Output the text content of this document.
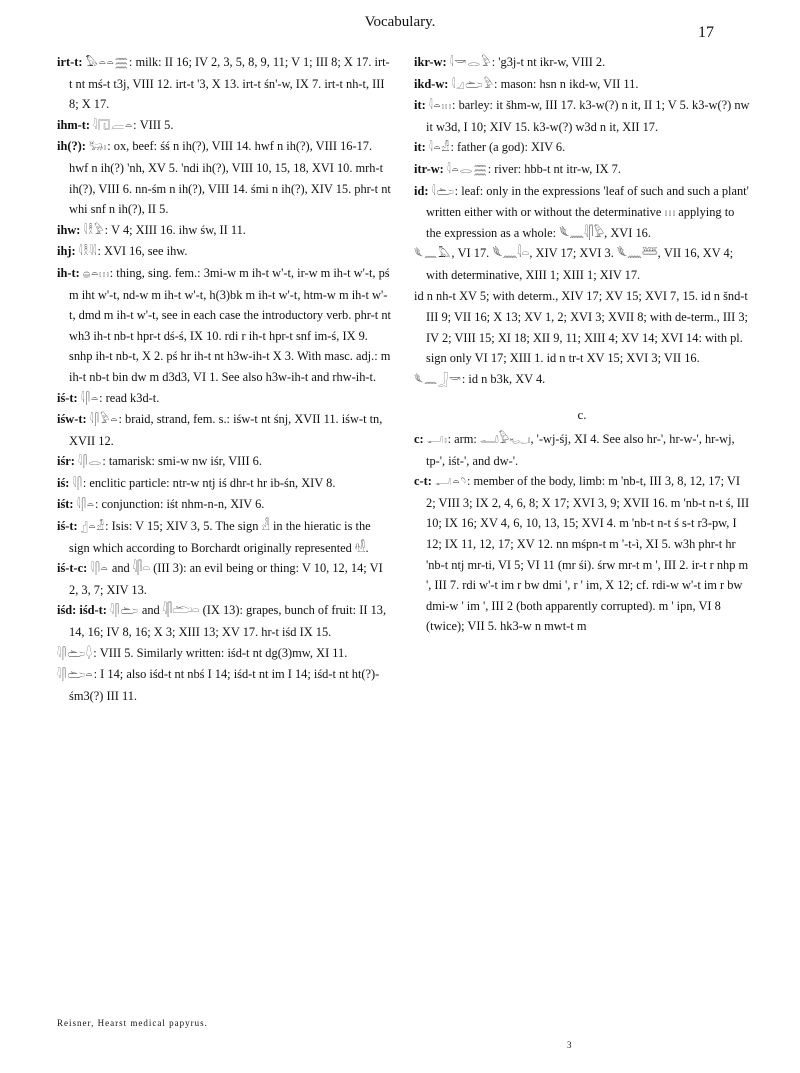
Vocabulary.
17

irt-t: 𓅃𓏏𓏏𓈗: milk: II 16; IV 2, 3, 5, 8, 9, 11; V 1; III 8; X 17. irt-t nt mś-t t3j, VIII 12. irt-t '3, X 13. irt-t śn'-w, IX 7. irt-t nh-t, III 8; X 17.

ihm-t: 𓇋𓉔𓐝𓏏: VIII 5.

ih(?): 𓃒𓏤: ox, beef: śś n ih(?), VIII 14. hwf n ih(?), VIII 16-17. hwf n ih(?) 'nh, XV 5. 'ndi ih(?), VIII 10, 15, 18, XVI 10. mrh-t ih(?), VIII 6. nn-śm n ih(?), VIII 14. śmi n ih(?), XIV 15. phr-t nt whi snf n ih(?), II 5.

ihw: 𓇋𓎛𓅱: V 4; XIII 16. ihw św, II 11.

ihj: 𓇋𓎛𓇌: XVI 16, see ihw.

ih-t: 𓐍𓏏𓏥: thing, sing. fem.: 3mi-w m ih-t w'-t, ir-w m ih-t w'-t, pś m iht w'-t, nd-w m ih-t w'-t, h(3)bk m ih-t w'-t, htm-w m ih-t w'-t, dmd m ih-t w'-t, see in each case the introductory verb. phr-t nt wh3 ih-t nb-t hpr-t dś-ś, IX 10. rdi r ih-t hpr-t snf im-ś, IX 9. snhp ih-t nb-t, X 2. pś hr ih-t nt h3w-ih-t X 3. With masc. adj.: m ih-t nb-t bin dw m d3d3, VI 1. See also h3w-ih-t and rhw-ih-t.

iś-t: 𓇋𓋴𓏏: read k3d-t.

iśw-t: 𓇋𓋴𓅱𓏏: braid, strand, fem. s.: iśw-t nt śnj, XVII 11. iśw-t tn, XVII 12.

iśr: 𓇋𓋴𓂋: tamarisk: smi-w nw iśr, VIII 6.

iś: 𓇋𓋴: enclitic particle: ntr-w ntj iś dhr-t hr ib-śn, XIV 8.

iśt: 𓇋𓋴𓏏: conjunction: iśt nhm-n-n, XIV 6.

iś-t: 𓊨𓏏𓁐: Isis: V 15; XIV 3, 5. The sign 𓁐 in the hieratic is the sign which according to Borchardt originally represented 𓁗.

iś-t-c: 𓇋𓋴𓏏 and 𓇋𓋴𓏏 (III 3): an evil being or thing: V 10, 12, 14; VI 2, 3, 7; XIV 13.

iśd: iśd-t: 𓇋𓋴𓂧 and 𓇋𓋴𓂧𓏏 (IX 13): grapes, bunch of fruit: II 13, 14, 16; IV 8, 16; X 3; XIII 13; XV 17. hr-t iśd IX 15.

𓇋𓋴𓂧𓆭: VIII 5. Similarly written: iśd-t nt dg(3)mw, XI 11.

𓇋𓋴𓂧𓏏: I 14; also iśd-t nt nbś I 14; iśd-t nt im I 14; iśd-t nt ht(?)-śm3(?) III 11.

ikr-w: 𓇋𓎡𓂋𓅱: 'g3j-t nt ikr-w, VIII 2.

ikd-w: 𓇋𓈎𓂧𓅱: mason: hsn n ikd-w, VII 11.

it: 𓇋𓏏𓏥: barley: it šhm-w, III 17. k3-w(?) n it, II 1; V 5. k3-w(?) nw it w3d, I 10; XIV 15. k3-w(?) w3d n it, XII 17.

it: 𓇋𓏏𓀭: father (a god): XIV 6.

itr-w: 𓇋𓏏𓂋𓈗: river: hbb-t nt itr-w, IX 7.

id: 𓇋𓂧: leaf: only in the expressions 'leaf of such and such a plant' written either with or without the determinative 𓏥 applying to the expression as a whole: 𓆰𓈖𓇋𓋴𓅱, XVI 16.

𓆰𓈖𓅓, VI 17. 𓆰𓈖𓇋𓏏, XIV 17; XVI 3. 𓆰𓈖𓆷, VII 16, XV 4; with determinative, XIII 1; XIII 1; XIV 17.

id n nh-t XV 5; with determ., XIV 17; XV 15; XVI 7, 15. id n šnd-t III 9; VII 16; X 13; XV 1, 2; XVI 3; XVII 8; with de-term., III 3; IV 2; VIII 15; XI 18; XII 9, 11; XIII 4; XV 14; XVI 14: with pl. sign only VI 17; XIII 1. id n tr-t XV 15; XVI 3; VII 16.

𓆰𓈖𓃀𓎡: id n b3k, XV 4.

c.

c: 𓂝𓏤: arm: 𓂝𓅱𓆑𓏤, '-wj-śj, XI 4. See also hr-', hr-w-', hr-wj, tp-', iśt-', and dw-'.

c-t: 𓂝𓏏𓄹: member of the body, limb: m 'nb-t, III 3, 8, 12, 17; VI 2; VIII 3; IX 2, 4, 6, 8; X 17; XVI 3, 9; XVII 16. m 'nb-t n-t ś, III 10; IX 16; XV 4, 6, 10, 13, 15; XVI 4. m 'nb-t n-t ś s-t r3-pw, I 12; IX 11, 12, 17; XV 12. nn mśpn-t m '-t-ì, XI 5. w3h phr-t hr 'nb-t ntj mr-ti, VI 5; VI 11 (mr śi). śrw mr-t m ', III 2. ir-t r nhp m ', III 7. rdi w'-t im r bw dmi ', r ' im, X 12; cf. rdi-w w'-t im r bw dmi-w ' im ', III 2 (both apparently corrupted). m ' ipn, VI 8 (twice); VII 5. hk3-w n mwt-t m

Reisner, Hearst medical papyrus.
3
